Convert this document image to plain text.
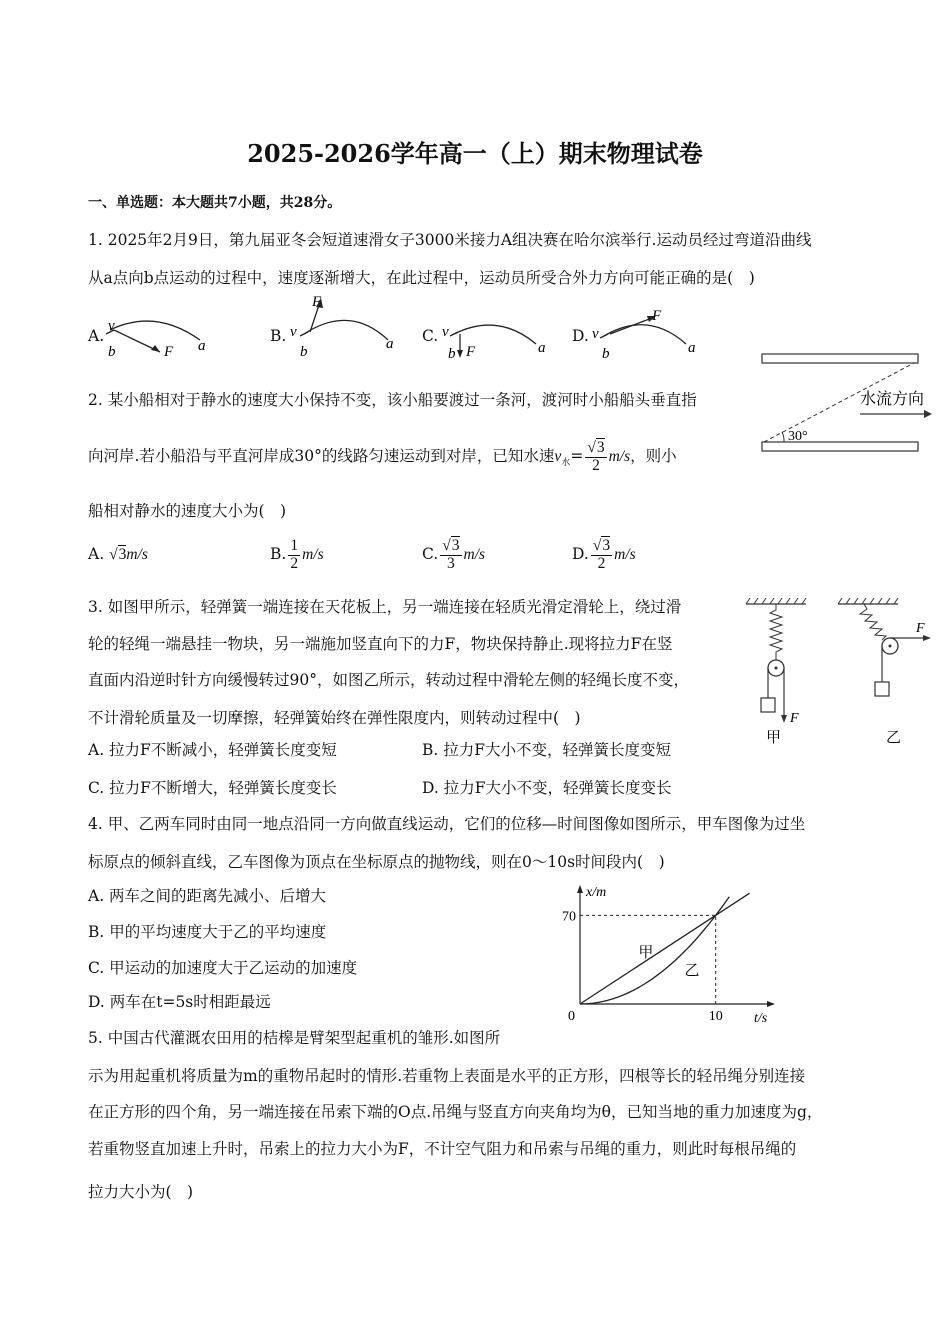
2025-2026学年高一（上）期末物理试卷
一、单选题：本大题共7小题，共28分。
1. 2025年2月9日，第九届亚冬会短道速滑女子3000米接力A组决赛在哈尔滨举行.运动员经过弯道沿曲线
从a点向b点运动的过程中，速度逐渐增大，在此过程中，运动员所受合外力方向可能正确的是(　)
A.
v
b	F a
B. v
b
F
a C. v
b F	a
D. v
b
F
a
2. 某小船相对于静水的速度大小保持不变，该小船要渡过一条河，渡河时小船船头垂直指
向河岸.若小船沿与平直河岸成30°的线路匀速运动到对岸，已知水速$v_水= \frac{√3}{2} m/s$，则小
船相对静水的速度大小为(　)
A. √3m/s	B. $\frac{1}{2} m/s$	C. $\frac{√3}{3} m/s$	D. $\frac{√3}{2} m/s$
30°
水流方向
3. 如图甲所示，轻弹簧一端连接在天花板上，另一端连接在轻质光滑定滑轮上，绕过滑
轮的轻绳一端悬挂一物块，另一端施加竖直向下的力F，物块保持静止.现将拉力F在竖
直面内沿逆时针方向缓慢转过90°，如图乙所示，转动过程中滑轮左侧的轻绳长度不变，
不计滑轮质量及一切摩擦，轻弹簧始终在弹性限度内，则转动过程中(　)
A. 拉力F不断减小，轻弹簧长度变短	B. 拉力F大小不变，轻弹簧长度变短
C. 拉力F不断增大，轻弹簧长度变长	D. 拉力F大小不变，轻弹簧长度变长
F
甲
F
乙
4. 甲、乙两车同时由同一地点沿同一方向做直线运动，它们的位移—时间图像如图所示，甲车图像为过坐
标原点的倾斜直线，乙车图像为顶点在坐标原点的抛物线，则在0～10s时间段内(　)
A. 两车之间的距离先减小、后增大
B. 甲的平均速度大于乙的平均速度
C. 甲运动的加速度大于乙运动的加速度
D. 两车在t=5s时相距最远
x/m
t/s
0	10
70
甲
乙
5. 中国古代灌溉农田用的桔槔是臂架型起重机的雏形.如图所
示为用起重机将质量为m的重物吊起时的情形.若重物上表面是水平的正方形，四根等长的轻吊绳分别连接
在正方形的四个角，另一端连接在吊索下端的O点.吊绳与竖直方向夹角均为θ，已知当地的重力加速度为g，
若重物竖直加速上升时，吊索上的拉力大小为F，不计空气阻力和吊索与吊绳的重力，则此时每根吊绳的
拉力大小为(　)
